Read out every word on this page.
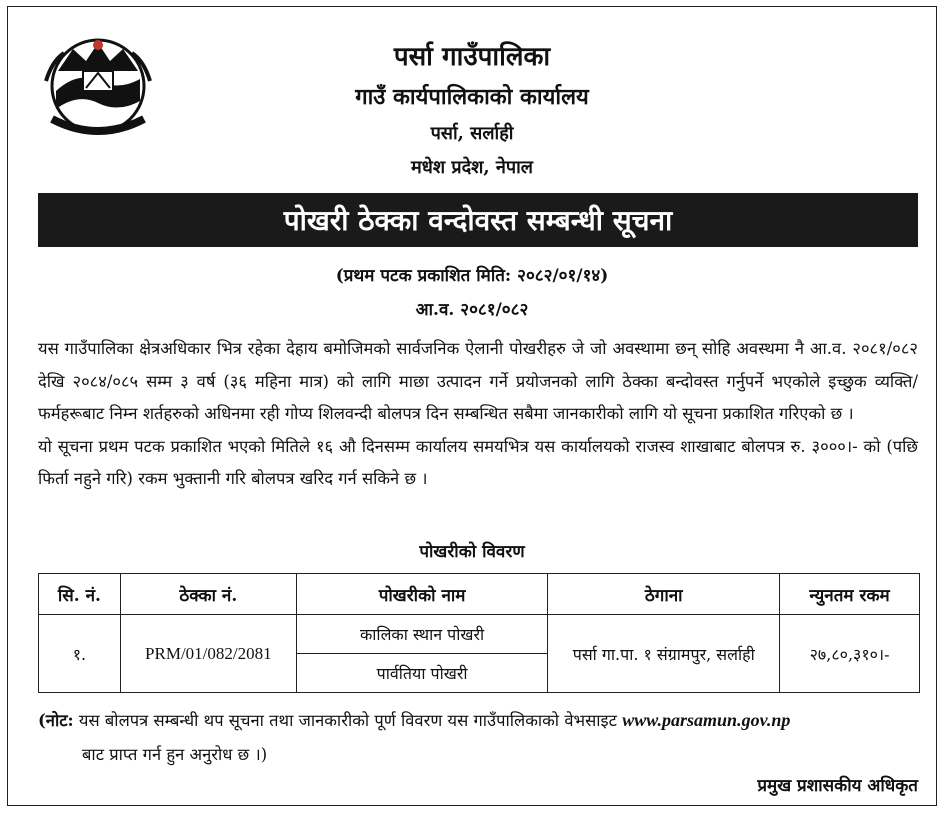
पर्सा गाउँपालिका
गाउँ कार्यपालिकाको कार्यालय
पर्सा, सर्लाही
मधेश प्रदेश, नेपाल
पोखरी ठेक्का वन्दोवस्त सम्बन्धी सूचना
(प्रथम पटक प्रकाशित मिति: २०८२/०१/१४)
आ.व. २०८१/०८२

यस गाउँपालिका क्षेत्रअधिकार भित्र रहेका देहाय बमोजिमको सार्वजनिक ऐलानी पोखरीहरु जे जो अवस्थामा छन् सोहि अवस्थमा नै आ.व. २०८१/०८२ देखि २०८४/०८५ सम्म ३ वर्ष (३६ महिना मात्र) को लागि माछा उत्पादन गर्ने प्रयोजनको लागि ठेक्का बन्दोवस्त गर्नुपर्ने भएकोले इच्छुक व्यक्ति/फर्महरूबाट निम्न शर्तहरुको अधिनमा रही गोप्य शिलवन्दी बोलपत्र दिन सम्बन्धित सबैमा जानकारीको लागि यो सूचना प्रकाशित गरिएको छ ।

यो सूचना प्रथम पटक प्रकाशित भएको मितिले १६ औ दिनसम्म कार्यालय समयभित्र यस कार्यालयको राजस्व शाखाबाट बोलपत्र रु. ३०००।- को (पछि फिर्ता नहुने गरि) रकम भुक्तानी गरि बोलपत्र खरिद गर्न सकिने छ ।

पोखरीको विवरण
सि. नं.	ठेक्का नं.	पोखरीको नाम	ठेगाना	न्युनतम रकम
१.	PRM/01/082/2081	कालिका स्थान पोखरी	पर्सा गा.पा. १ संग्रामपुर, सर्लाही	२७,८०,३१०।-
		पार्वतिया पोखरी		
(नोट: यस बोलपत्र सम्बन्धी थप सूचना तथा जानकारीको पूर्ण विवरण यस गाउँपालिकाको वेभसाइट www.parsamun.gov.np
बाट प्राप्त गर्न हुन अनुरोध छ ।)
प्रमुख प्रशासकीय अधिकृत
